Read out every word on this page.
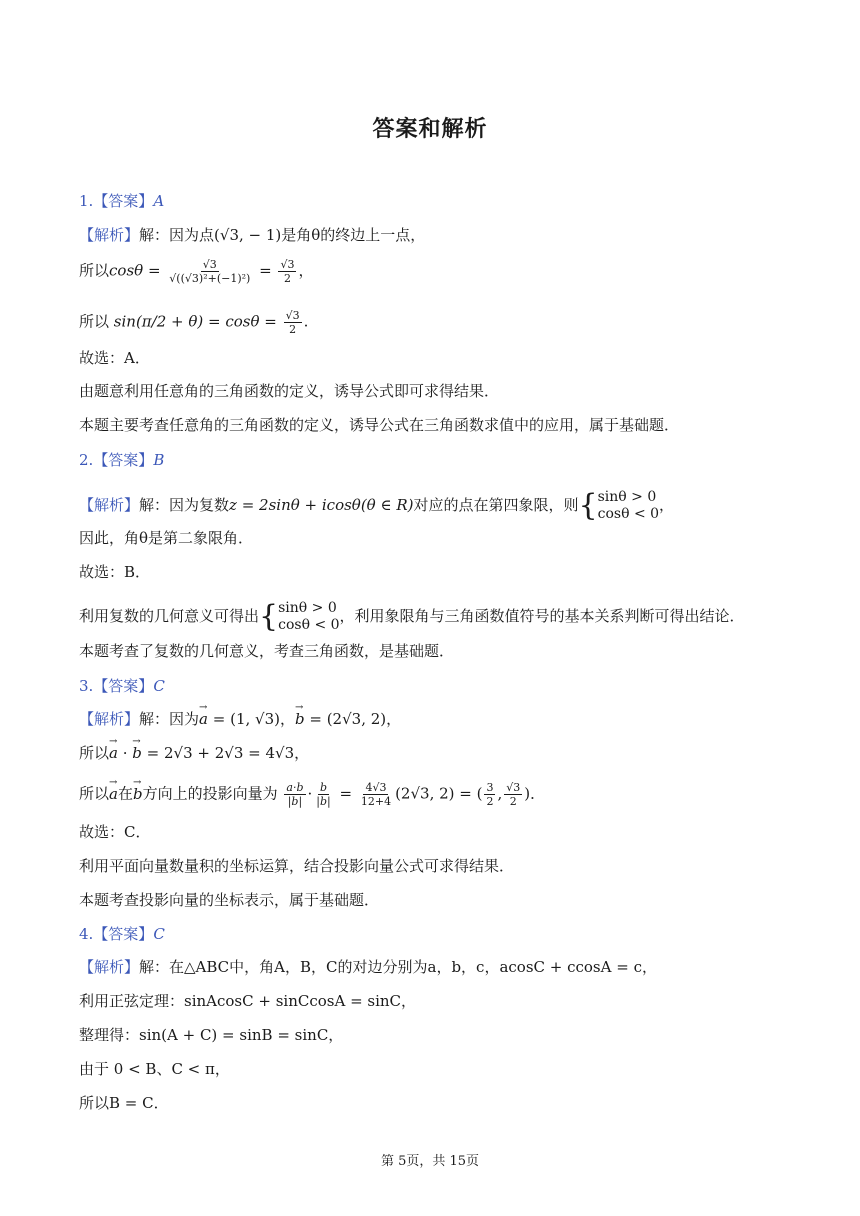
答案和解析
1.【答案】A
【解析】解：因为点(√3, − 1)是角θ的终边上一点，
所以$\cos\theta = \frac{√3}{\text{√((√3)²+(−1)²)}} = \frac{√3}{2}$ ，
所以 $\sin(\pi/2 + \theta) = \cos\theta = \frac{√3}{2}$ .
故选：A．
由题意利用任意角的三角函数的定义，诱导公式即可求得结果．
本题主要考查任意角的三角函数的定义，诱导公式在三角函数求值中的应用，属于基础题．
2.【答案】B
【解析】解：因为复数z = 2sinθ + icosθ(θ ∈ R)对应的点在第四象限，则 { sinθ > 0
cosθ < 0 ，
因此，角θ是第二象限角．
故选：B．
利用复数的几何意义可得出 { sinθ > 0
cosθ < 0 ，利用象限角与三角函数值符号的基本关系判断可得出结论．
本题考查了复数的几何意义，考查三角函数，是基础题．
3.【答案】C
【解析】解：因为→ a = (1, √3)，→ b = (2√3, 2)，
所以→ a · → b = 2√3 + 2√3 = 4√3，
所以→ a在→ b方向上的投影向量为 $\frac{a\cdot b}{|b|} \cdot \frac{b}{|b|} = \frac{4√3}{12+4} (2√3$, 2) = ( $\frac{3}{2}$ , $\frac{√3}{2}$ )．
故选：C．
利用平面向量数量积的坐标运算，结合投影向量公式可求得结果．
本题考查投影向量的坐标表示，属于基础题．
4.【答案】C
【解析】解：在△ABC中，角A，B，C的对边分别为a，b，c，acosC + ccosA = c，
利用正弦定理：sinAcosC + sinCcosA = sinC，
整理得：sin(A + C) = sinB = sinC，
由于 0 < B、C < π，
所以B = C．
第 5页，共 15页
